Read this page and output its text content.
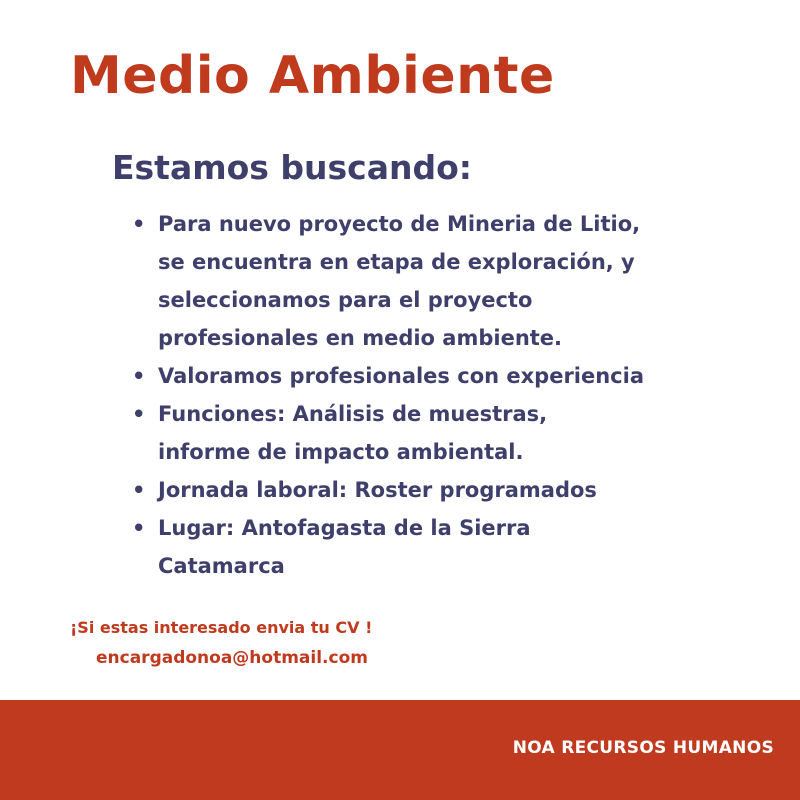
Medio Ambiente
Estamos buscando:
• Para nuevo proyecto de Mineria de Litio,
se encuentra en etapa de exploración, y
seleccionamos para el proyecto
profesionales en medio ambiente.
• Valoramos profesionales con experiencia
• Funciones: Análisis de muestras,
informe de impacto ambiental.
• Jornada laboral: Roster programados
• Lugar: Antofagasta de la Sierra
Catamarca

¡Si estas interesado envia tu CV !

encargadonoa@hotmail.com

NOA RECURSOS HUMANOS
